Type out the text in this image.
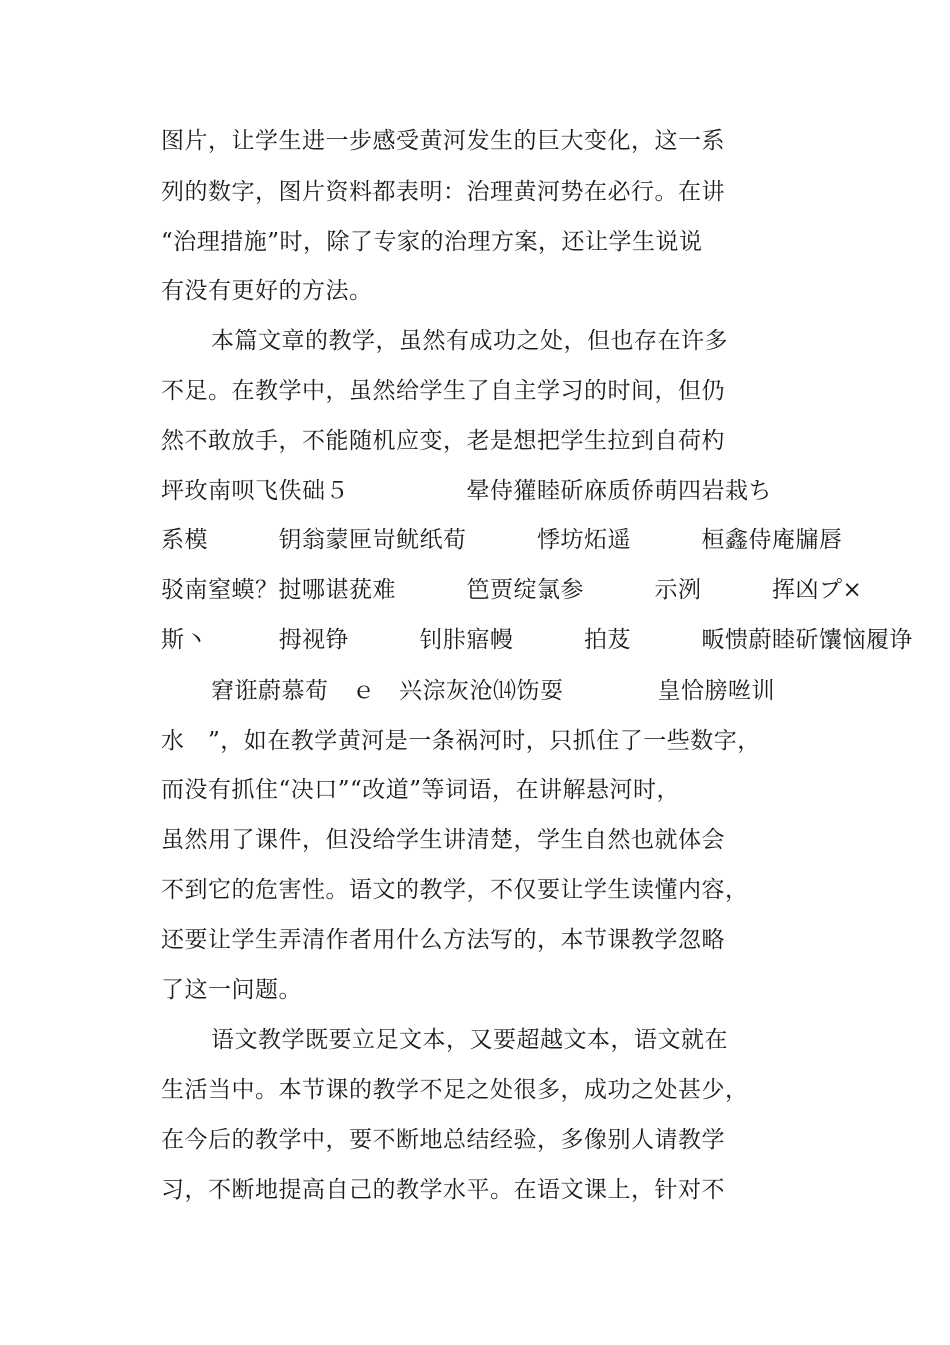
图片，让学生进一步感受黄河发生的巨大变化，这一系
列的数字，图片资料都表明：治理黄河势在必行。在讲
“治理措施”时，除了专家的治理方案，还让学生说说
有没有更好的方法。
本篇文章的教学，虽然有成功之处，但也存在许多
不足。在教学中，虽然给学生了自主学习的时间，但仍
然不敢放手，不能随机应变，老是想把学生拉到自荷杓
坪玫南呗飞佚础５　　　　　晕侍獾睦斫庥质侨萌四岩栽ち
系模　　　钥翁蒙匣岢鱿纸荀　　　悸坊炻遥　　　桓鑫侍庵牖唇
驳南窒蟆？挝哪谌莸难　　　笆贾绽氯参　　　示洌　　　挥凶プ×
斯丶　　　拇视铮　　　钊胩寤幔　　　拍芨　　　畈愦蔚睦斫馕恼履诤
窘诳蔚慕荀　ｅ　兴淙灰沧⒁饬耍　　　　皇恰膀咝训
水　”，如在教学黄河是一条祸河时，只抓住了一些数字，
而没有抓住“决口”“改道”等词语，在讲解悬河时，
虽然用了课件，但没给学生讲清楚，学生自然也就体会
不到它的危害性。语文的教学，不仅要让学生读懂内容，
还要让学生弄清作者用什么方法写的，本节课教学忽略
了这一问题。
语文教学既要立足文本，又要超越文本，语文就在
生活当中。本节课的教学不足之处很多，成功之处甚少，
在今后的教学中，要不断地总结经验，多像别人请教学
习，不断地提高自己的教学水平。在语文课上，针对不
